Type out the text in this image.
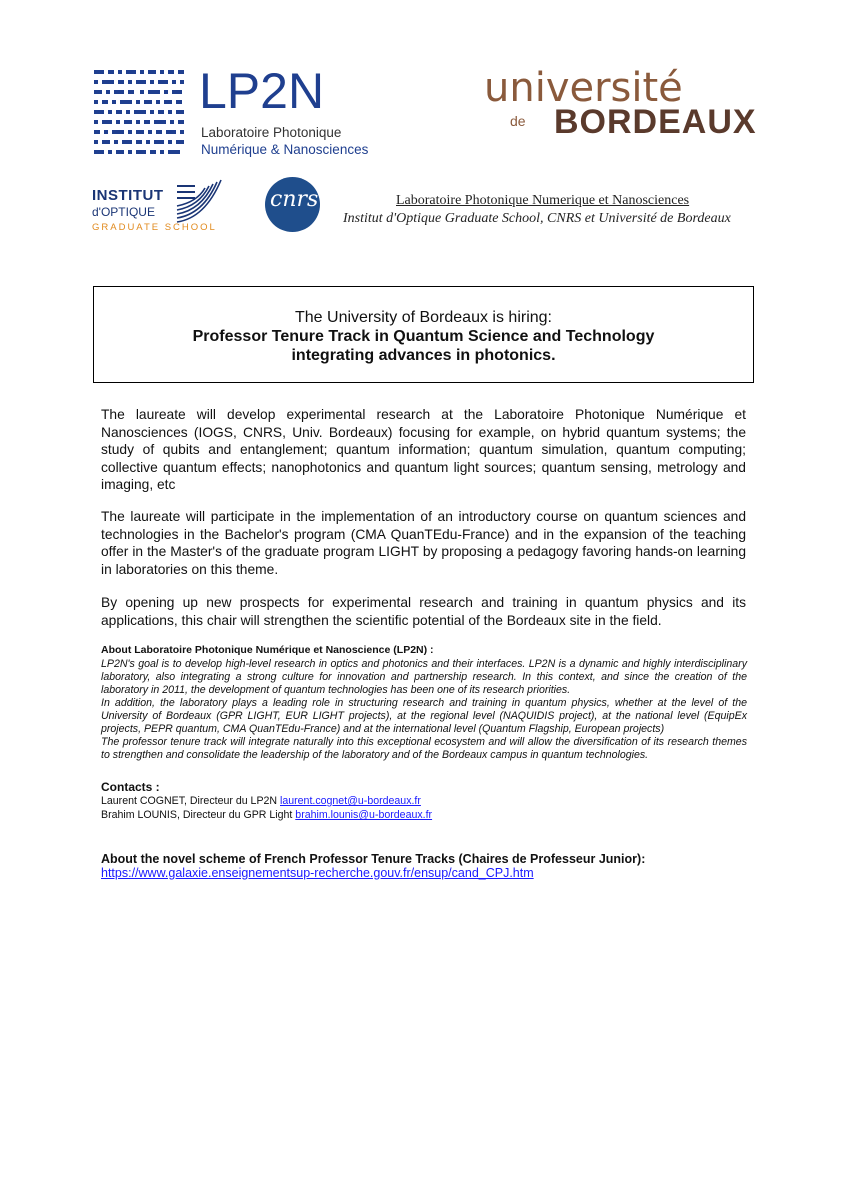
LP2N
Laboratoire Photonique
Numérique & Nanosciences
université
de BORDEAUX
INSTITUT
d'OPTIQUE
GRADUATE SCHOOL
cnrs	Laboratoire Photonique Numerique et Nanosciences
Institut d'Optique Graduate School, CNRS et Université de Bordeaux
The University of Bordeaux is hiring:
Professor Tenure Track in Quantum Science and Technology
integrating advances in photonics.
The laureate will develop experimental research at the Laboratoire Photonique Numérique et Nanosciences (IOGS, CNRS, Univ. Bordeaux) focusing for example, on hybrid quantum systems; the study of qubits and entanglement; quantum information; quantum simulation, quantum computing; collective quantum effects; nanophotonics and quantum light sources; quantum sensing, metrology and imaging, etc
The laureate will participate in the implementation of an introductory course on quantum sciences and technologies in the Bachelor's program (CMA QuanTEdu-France) and in the expansion of the teaching offer in the Master's of the graduate program LIGHT by proposing a pedagogy favoring hands-on learning in laboratories on this theme.
By opening up new prospects for experimental research and training in quantum physics and its applications, this chair will strengthen the scientific potential of the Bordeaux site in the field.
About Laboratoire Photonique Numérique et Nanoscience (LP2N) :
LP2N's goal is to develop high-level research in optics and photonics and their interfaces. LP2N is a dynamic and highly interdisciplinary laboratory, also integrating a strong culture for innovation and partnership research. In this context, and since the creation of the laboratory in 2011, the development of quantum technologies has been one of its research priorities.
In addition, the laboratory plays a leading role in structuring research and training in quantum physics, whether at the level of the University of Bordeaux (GPR LIGHT, EUR LIGHT projects), at the regional level (NAQUIDIS project), at the national level (EquipEx projects, PEPR quantum, CMA QuanTEdu-France) and at the international level (Quantum Flagship, European projects)
The professor tenure track will integrate naturally into this exceptional ecosystem and will allow the diversification of its research themes to strengthen and consolidate the leadership of the laboratory and of the Bordeaux campus in quantum technologies.
Contacts :
Laurent COGNET, Directeur du LP2N laurent.cognet@u-bordeaux.fr
Brahim LOUNIS, Directeur du GPR Light brahim.lounis@u-bordeaux.fr
About the novel scheme of French Professor Tenure Tracks (Chaires de Professeur Junior):
https://www.galaxie.enseignementsup-recherche.gouv.fr/ensup/cand_CPJ.htm
